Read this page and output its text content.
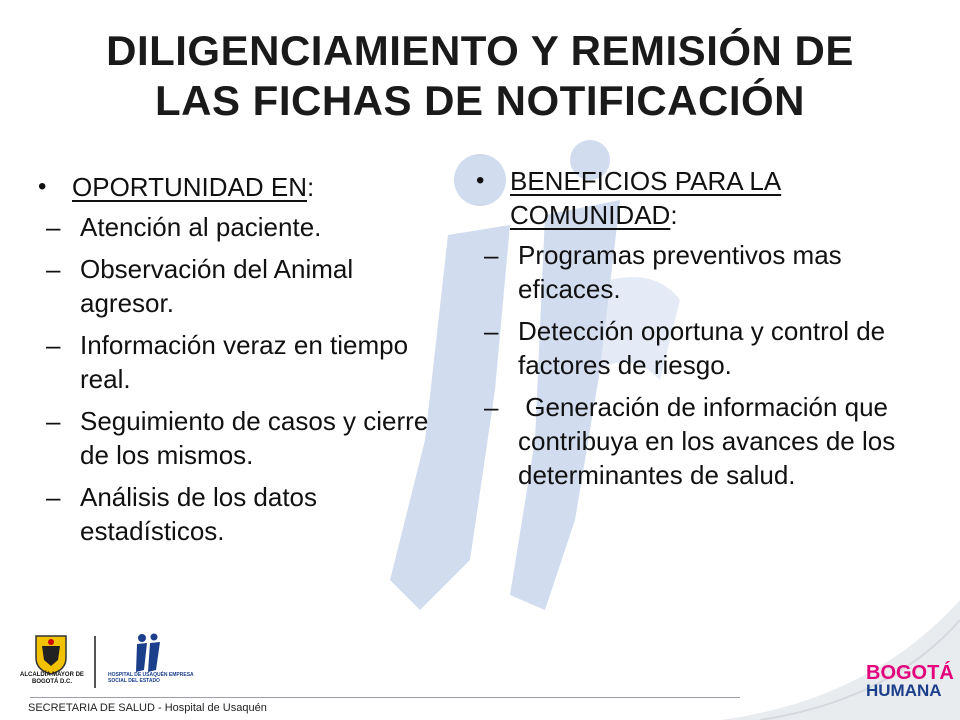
DILIGENCIAMIENTO Y REMISIÓN DE
LAS FICHAS DE NOTIFICACIÓN
• OPORTUNIDAD EN:
– Atención al paciente.
– Observación del Animal agresor.
– Información veraz en tiempo real.
– Seguimiento de casos y cierre de los mismos.
– Análisis de los datos estadísticos.
• BENEFICIOS PARA LA COMUNIDAD:
– Programas preventivos mas eficaces.
– Detección oportuna y control de factores de riesgo.
– Generación de información que contribuya en los avances de los determinantes de salud.
ALCALDÍA MAYOR DE BOGOTÁ D.C.
HOSPITAL DE USAQUÉN EMPRESA SOCIAL DEL ESTADO	BOGOTÁ
HUMANA
SECRETARIA DE SALUD - Hospital de Usaquén
